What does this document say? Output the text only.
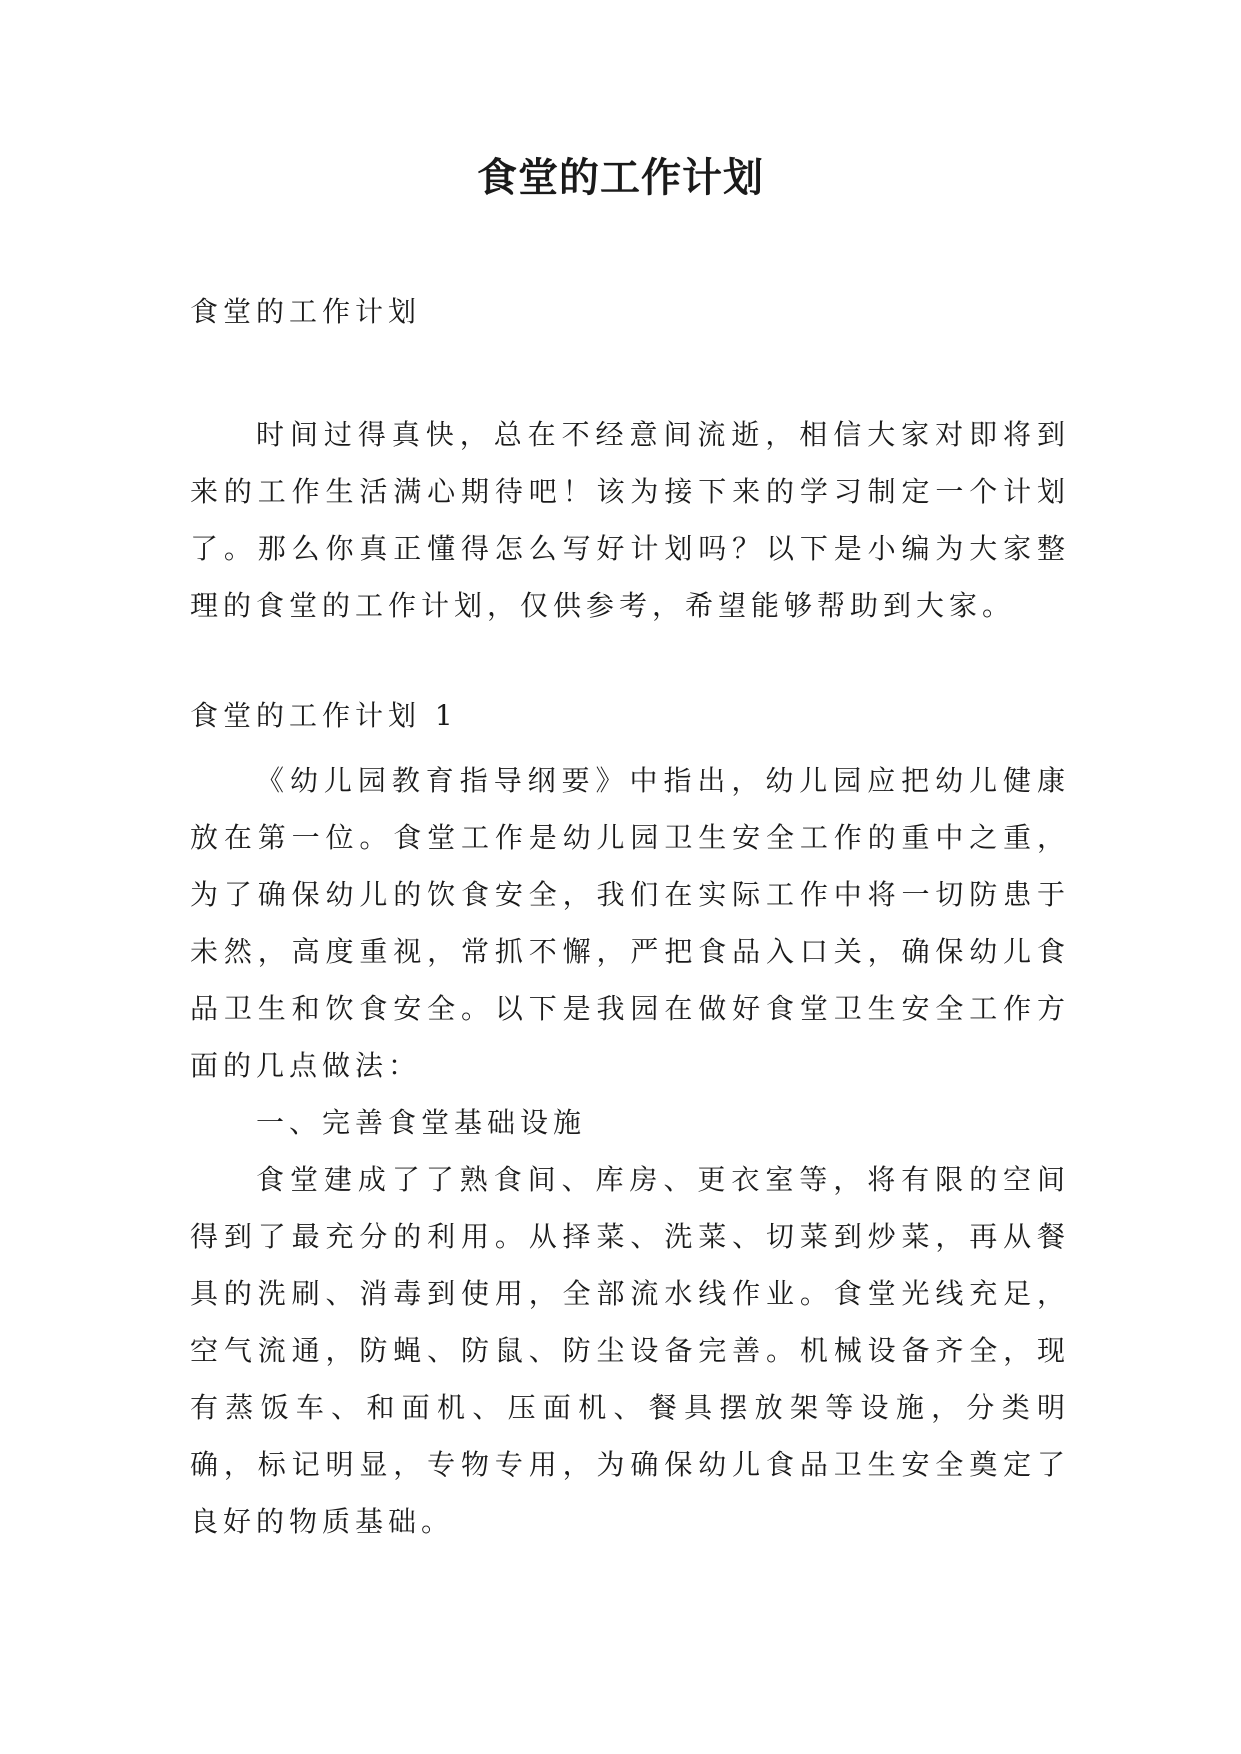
食堂的工作计划
食堂的工作计划
时间过得真快，总在不经意间流逝，相信大家对即将到来的工作生活满心期待吧！该为接下来的学习制定一个计划了。那么你真正懂得怎么写好计划吗？以下是小编为大家整理的食堂的工作计划，仅供参考，希望能够帮助到大家。
食堂的工作计划 1

《幼儿园教育指导纲要》中指出，幼儿园应把幼儿健康放在第一位。食堂工作是幼儿园卫生安全工作的重中之重，为了确保幼儿的饮食安全，我们在实际工作中将一切防患于未然，高度重视，常抓不懈，严把食品入口关，确保幼儿食品卫生和饮食安全。以下是我园在做好食堂卫生安全工作方面的几点做法：

一、完善食堂基础设施

食堂建成了了熟食间、库房、更衣室等，将有限的空间得到了最充分的利用。从择菜、洗菜、切菜到炒菜，再从餐具的洗刷、消毒到使用，全部流水线作业。食堂光线充足，空气流通，防蝇、防鼠、防尘设备完善。机械设备齐全，现有蒸饭车、和面机、压面机、餐具摆放架等设施，分类明确，标记明显，专物专用，为确保幼儿食品卫生安全奠定了良好的物质基础。
